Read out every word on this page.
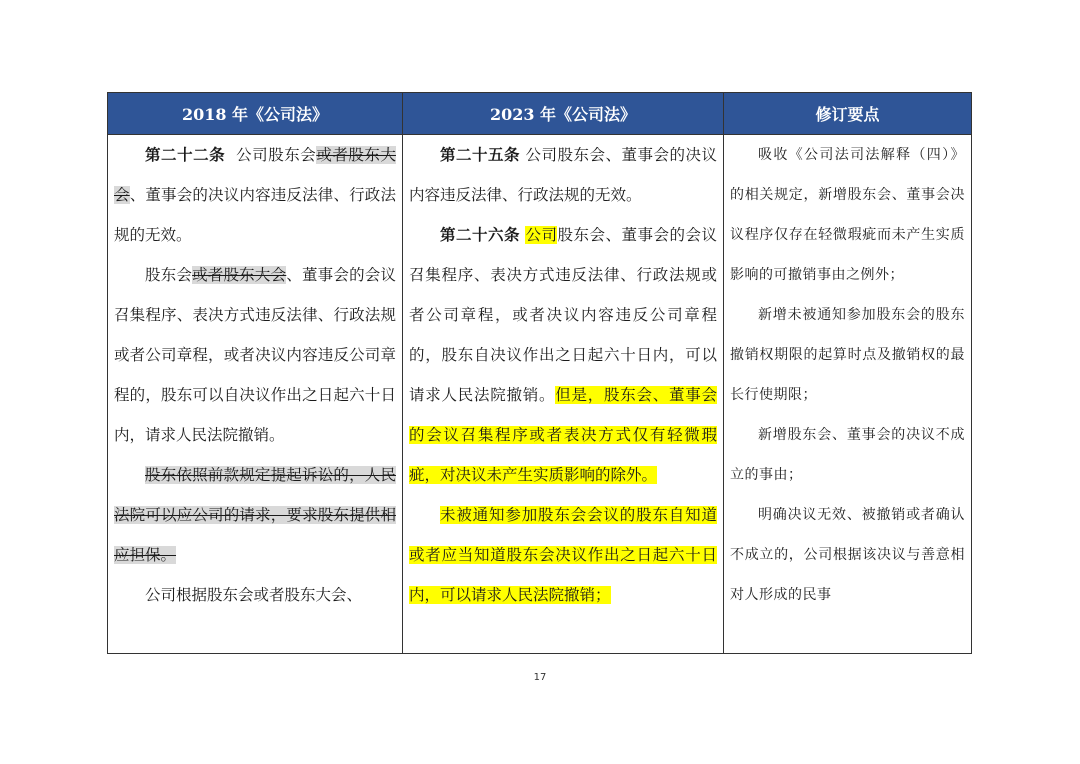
2018 年《公司法》	2023 年《公司法》	修订要点

第二十二条 公司股东会或者股东大会、董事会的决议内容违反法律、行政法规的无效。

股东会或者股东大会、董事会的会议召集程序、表决方式违反法律、行政法规或者公司章程，或者决议内容违反公司章程的，股东可以自决议作出之日起六十日内，请求人民法院撤销。

股东依照前款规定提起诉讼的，人民法院可以应公司的请求，要求股东提供相应担保。

公司根据股东会或者股东大会、

第二十五条 公司股东会、董事会的决议内容违反法律、行政法规的无效。

第二十六条 公司股东会、董事会的会议召集程序、表决方式违反法律、行政法规或者公司章程，或者决议内容违反公司章程的，股东自决议作出之日起六十日内，可以请求人民法院撤销。但是，股东会、董事会的会议召集程序或者表决方式仅有轻微瑕疵，对决议未产生实质影响的除外。

未被通知参加股东会会议的股东自知道或者应当知道股东会决议作出之日起六十日内，可以请求人民法院撤销；

吸收《公司法司法解释（四）》的相关规定，新增股东会、董事会决议程序仅存在轻微瑕疵而未产生实质影响的可撤销事由之例外；

新增未被通知参加股东会的股东撤销权期限的起算时点及撤销权的最长行使期限；

新增股东会、董事会的决议不成立的事由；

明确决议无效、被撤销或者确认不成立的，公司根据该决议与善意相对人形成的民事

17
